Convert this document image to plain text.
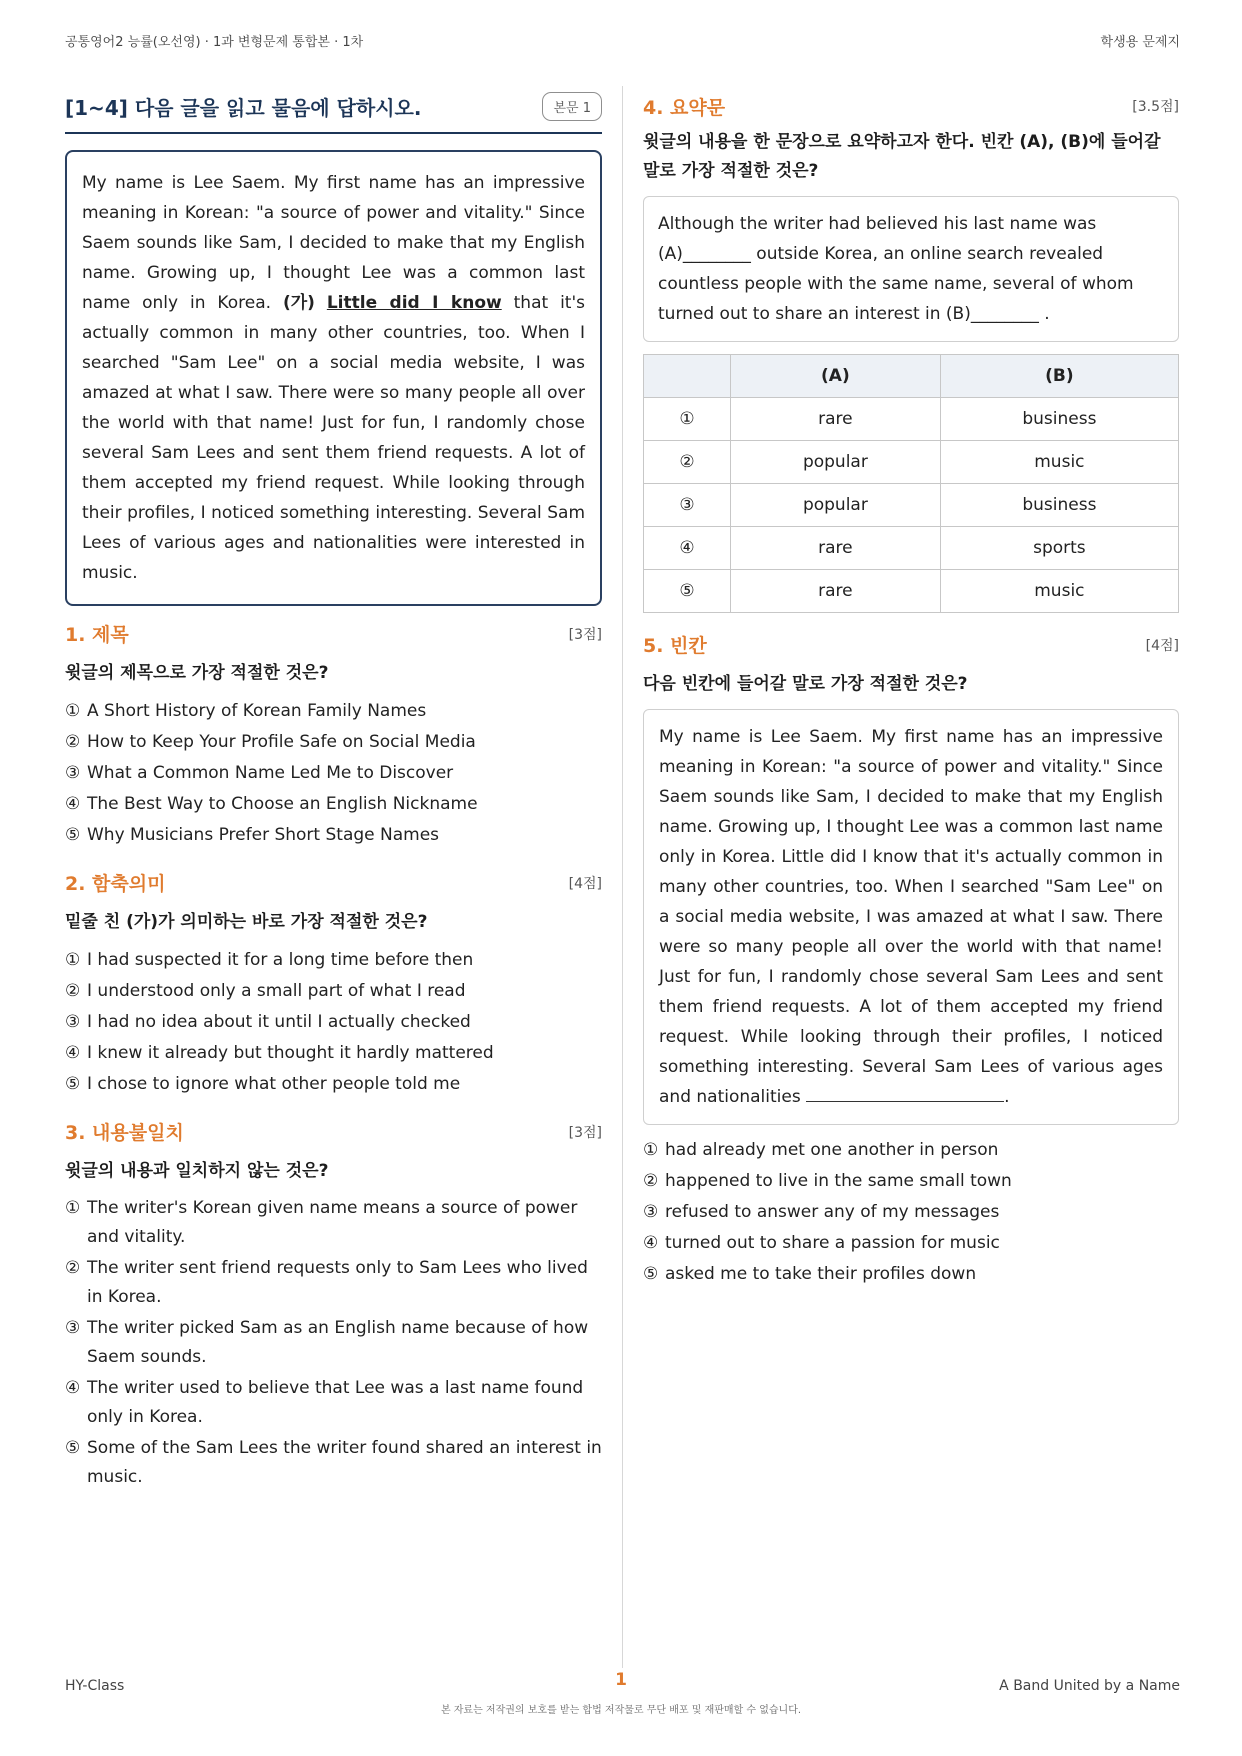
공통영어2 능률(오선영) · 1과 변형문제 통합본 · 1차	학생용 문제지
[1~4] 다음 글을 읽고 물음에 답하시오.	본문 1
My name is Lee Saem. My first name has an impressive meaning in Korean: "a source of power and vitality." Since Saem sounds like Sam, I decided to make that my English name. Growing up, I thought Lee was a common last name only in Korea. (가) Little did I know that it's actually common in many other countries, too. When I searched "Sam Lee" on a social media website, I was amazed at what I saw. There were so many people all over the world with that name! Just for fun, I randomly chose several Sam Lees and sent them friend requests. A lot of them accepted my friend request. While looking through their profiles, I noticed something interesting. Several Sam Lees of various ages and nationalities were interested in music.
1. 제목	[3점]
윗글의 제목으로 가장 적절한 것은?
① A Short History of Korean Family Names
② How to Keep Your Profile Safe on Social Media
③ What a Common Name Led Me to Discover
④ The Best Way to Choose an English Nickname
⑤ Why Musicians Prefer Short Stage Names
2. 함축의미	[4점]
밑줄 친 (가)가 의미하는 바로 가장 적절한 것은?
① I had suspected it for a long time before then
② I understood only a small part of what I read
③ I had no idea about it until I actually checked
④ I knew it already but thought it hardly mattered
⑤ I chose to ignore what other people told me
3. 내용불일치	[3점]
윗글의 내용과 일치하지 않는 것은?
① The writer's Korean given name means a source of power and vitality.
② The writer sent friend requests only to Sam Lees who lived in Korea.
③ The writer picked Sam as an English name because of how Saem sounds.
④ The writer used to believe that Lee was a last name found only in Korea.
⑤ Some of the Sam Lees the writer found shared an interest in music.
4. 요약문	[3.5점]
윗글의 내용을 한 문장으로 요약하고자 한다. 빈칸 (A), (B)에 들어갈 말로 가장 적절한 것은?
Although the writer had believed his last name was (A)________ outside Korea, an online search revealed countless people with the same name, several of whom turned out to share an interest in (B)________ .
	(A)	(B)
①	rare	business
②	popular	music
③	popular	business
④	rare	sports
⑤	rare	music
5. 빈칸	[4점]
다음 빈칸에 들어갈 말로 가장 적절한 것은?
My name is Lee Saem. My first name has an impressive meaning in Korean: "a source of power and vitality." Since Saem sounds like Sam, I decided to make that my English name. Growing up, I thought Lee was a common last name only in Korea. Little did I know that it's actually common in many other countries, too. When I searched "Sam Lee" on a social media website, I was amazed at what I saw. There were so many people all over the world with that name! Just for fun, I randomly chose several Sam Lees and sent them friend requests. A lot of them accepted my friend request. While looking through their profiles, I noticed something interesting. Several Sam Lees of various ages and nationalities	.
① had already met one another in person
② happened to live in the same small town
③ refused to answer any of my messages
④ turned out to share a passion for music
⑤ asked me to take their profiles down
HY-Class	1	A Band United by a Name
본 자료는 저작권의 보호를 받는 합법 저작물로 무단 배포 및 재판매할 수 없습니다.
